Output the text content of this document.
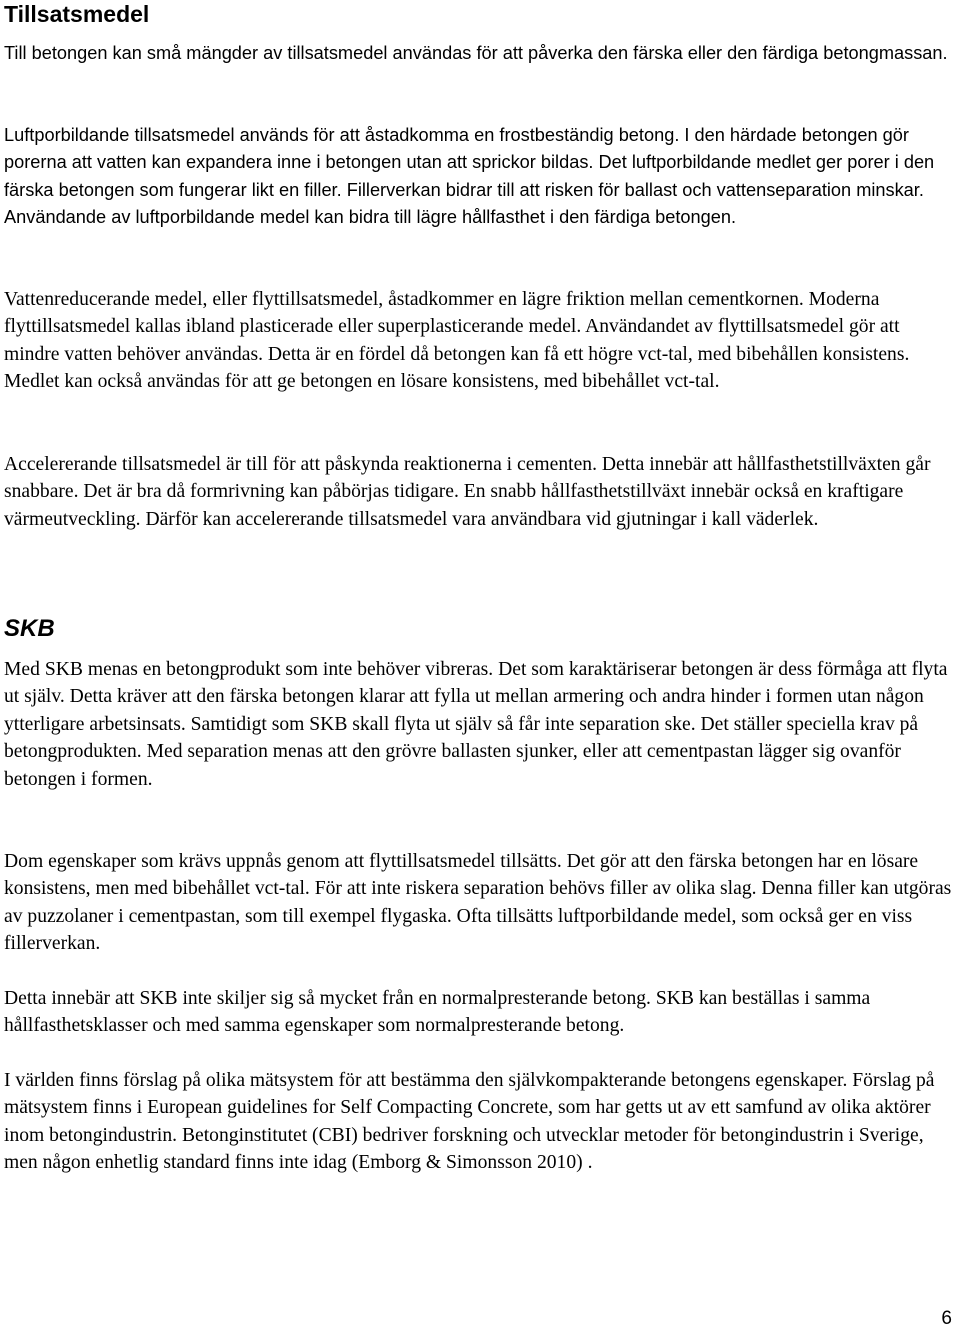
Tillsatsmedel

Till betongen kan små mängder av tillsatsmedel användas för att påverka den färska eller den färdiga betongmassan.

Luftporbildande tillsatsmedel används för att åstadkomma en frostbeständig betong. I den härdade betongen gör porerna att vatten kan expandera inne i betongen utan att sprickor bildas. Det luftporbildande medlet ger porer i den färska betongen som fungerar likt en filler. Fillerverkan bidrar till att risken för ballast och vattenseparation minskar. Användande av luftporbildande medel kan bidra till lägre hållfasthet i den färdiga betongen.

Vattenreducerande medel, eller flyttillsatsmedel, åstadkommer en lägre friktion mellan cementkornen. Moderna flyttillsatsmedel kallas ibland plasticerade eller superplasticerande medel. Användandet av flyttillsatsmedel gör att mindre vatten behöver användas. Detta är en fördel då betongen kan få ett högre vct-tal, med bibehållen konsistens. Medlet kan också användas för att ge betongen en lösare konsistens, med bibehållet vct-tal.

Accelererande tillsatsmedel är till för att påskynda reaktionerna i cementen. Detta innebär att hållfasthetstillväxten går snabbare. Det är bra då formrivning kan påbörjas tidigare. En snabb hållfasthetstillväxt innebär också en kraftigare värmeutveckling. Därför kan accelererande tillsatsmedel vara användbara vid gjutningar i kall väderlek.

SKB

Med SKB menas en betongprodukt som inte behöver vibreras. Det som karaktäriserar betongen är dess förmåga att flyta ut själv. Detta kräver att den färska betongen klarar att fylla ut mellan armering och andra hinder i formen utan någon ytterligare arbetsinsats. Samtidigt som SKB skall flyta ut själv så får inte separation ske. Det ställer speciella krav på betongprodukten. Med separation menas att den grövre ballasten sjunker, eller att cementpastan lägger sig ovanför betongen i formen.

Dom egenskaper som krävs uppnås genom att flyttillsatsmedel tillsätts. Det gör att den färska betongen har en lösare konsistens, men med bibehållet vct-tal. För att inte riskera separation behövs filler av olika slag. Denna filler kan utgöras av puzzolaner i cementpastan, som till exempel flygaska. Ofta tillsätts luftporbildande medel, som också ger en viss fillerverkan.

Detta innebär att SKB inte skiljer sig så mycket från en normalpresterande betong. SKB kan beställas i samma hållfasthetsklasser och med samma egenskaper som normalpresterande betong.

I världen finns förslag på olika mätsystem för att bestämma den självkompakterande betongens egenskaper. Förslag på mätsystem finns i European guidelines for Self Compacting Concrete, som har getts ut av ett samfund av olika aktörer inom betongindustrin. Betonginstitutet (CBI) bedriver forskning och utvecklar metoder för betongindustrin i Sverige, men någon enhetlig standard finns inte idag (Emborg & Simonsson 2010) .

6
